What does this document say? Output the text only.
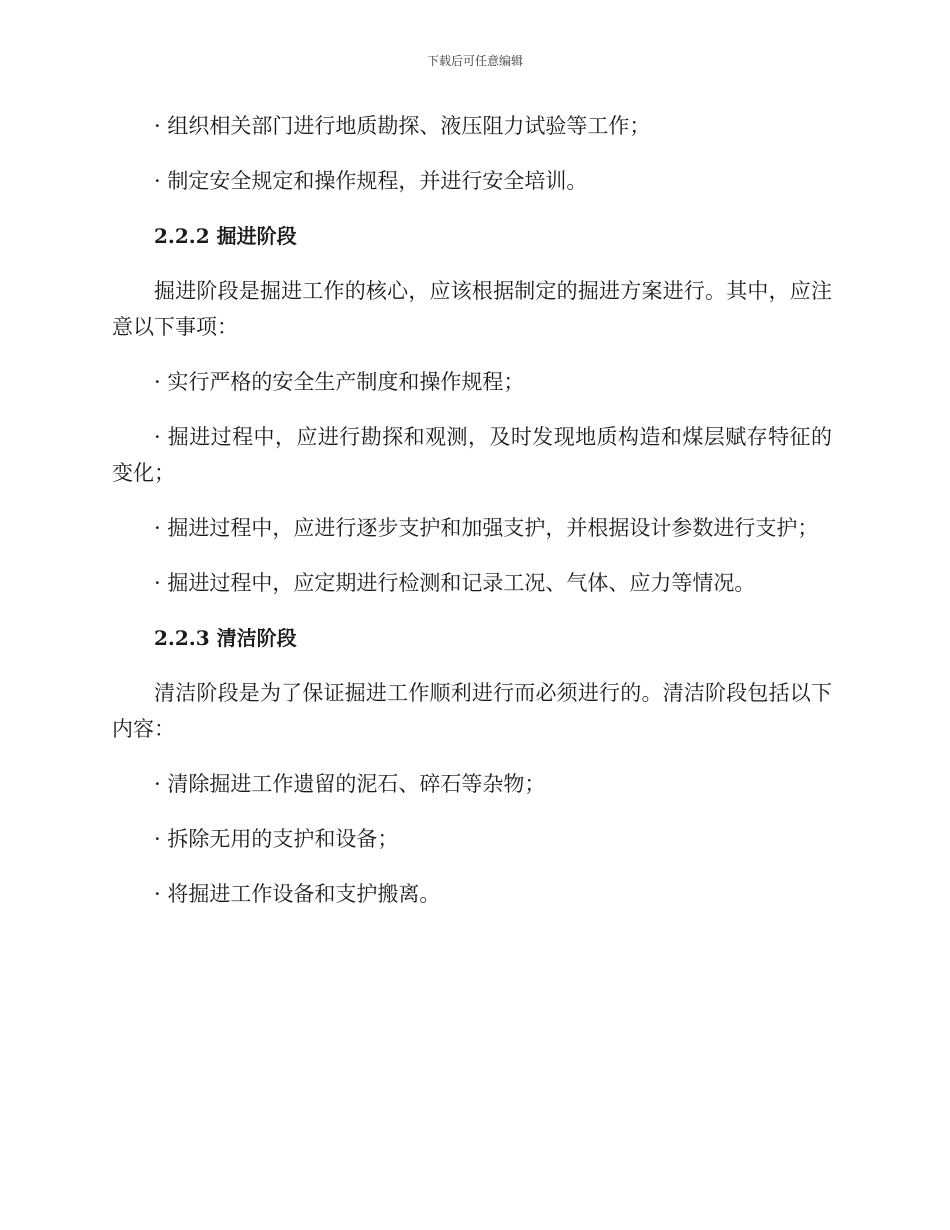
下载后可任意编辑

· 组织相关部门进行地质勘探、液压阻力试验等工作；

· 制定安全规定和操作规程，并进行安全培训。

2.2.2 掘进阶段

掘进阶段是掘进工作的核心，应该根据制定的掘进方案进行。其中，应注意以下事项：

· 实行严格的安全生产制度和操作规程；

· 掘进过程中，应进行勘探和观测，及时发现地质构造和煤层赋存特征的变化；

· 掘进过程中，应进行逐步支护和加强支护，并根据设计参数进行支护；

· 掘进过程中，应定期进行检测和记录工况、气体、应力等情况。

2.2.3 清洁阶段

清洁阶段是为了保证掘进工作顺利进行而必须进行的。清洁阶段包括以下内容：

· 清除掘进工作遗留的泥石、碎石等杂物；

· 拆除无用的支护和设备；

· 将掘进工作设备和支护搬离。
